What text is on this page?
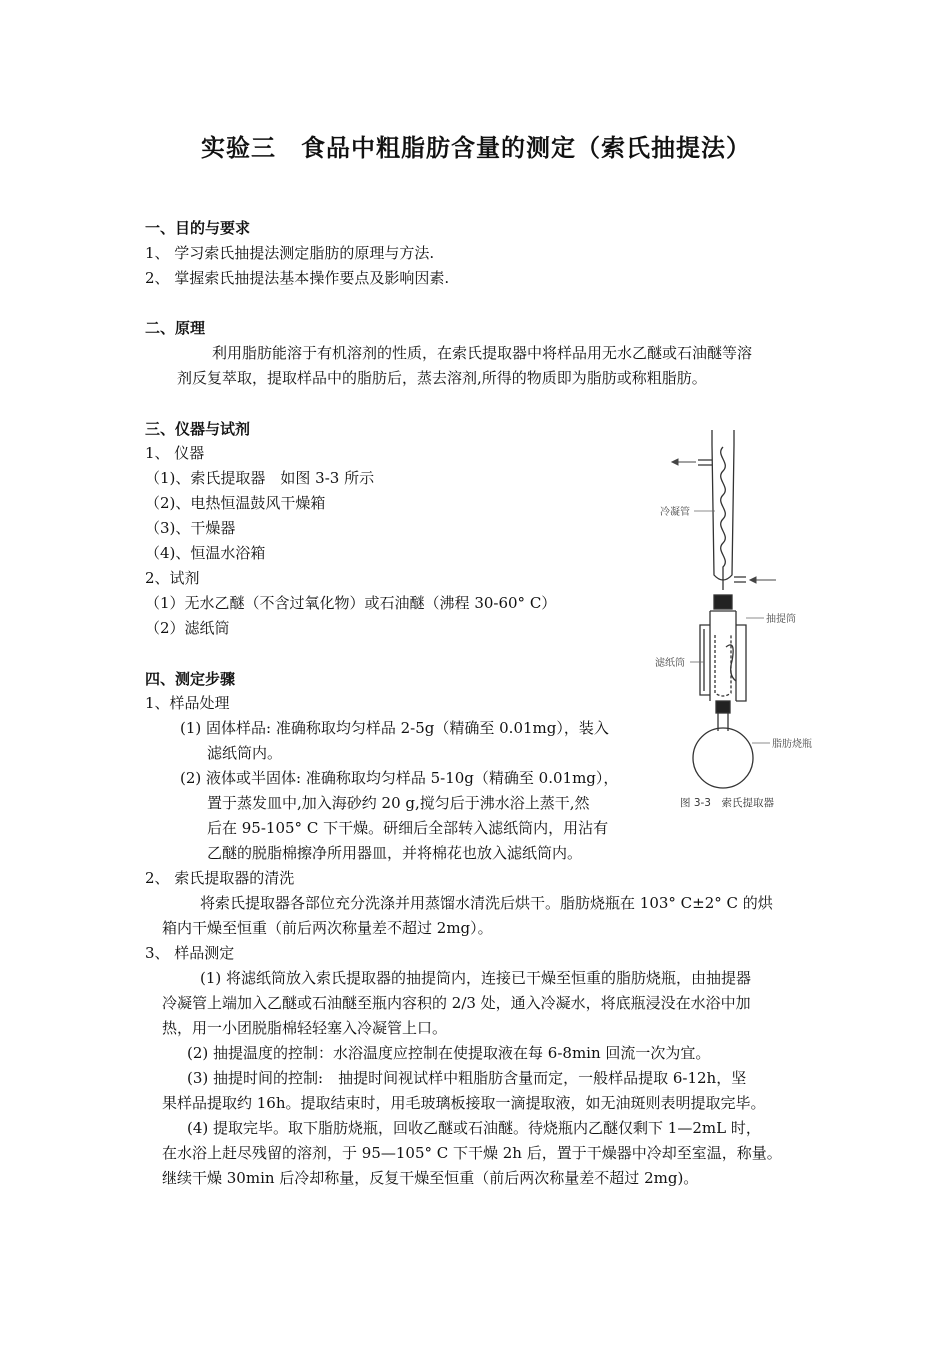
实验三　食品中粗脂肪含量的测定（索氏抽提法）
一、目的与要求
1、 学习索氏抽提法测定脂肪的原理与方法.
2、 掌握索氏抽提法基本操作要点及影响因素.
二、原理
利用脂肪能溶于有机溶剂的性质，在索氏提取器中将样品用无水乙醚或石油醚等溶
剂反复萃取，提取样品中的脂肪后，蒸去溶剂,所得的物质即为脂肪或称粗脂肪。
三、仪器与试剂
1、 仪器
（1)、索氏提取器　如图 3-3 所示
（2)、电热恒温鼓风干燥箱
（3)、干燥器
（4)、恒温水浴箱
2、试剂
（1）无水乙醚（不含过氧化物）或石油醚（沸程 30-60° C）
（2）滤纸筒
四、测定步骤
1、样品处理
(1) 固体样品: 准确称取均匀样品 2-5g（精确至 0.01mg），装入
滤纸筒内。
(2) 液体或半固体: 准确称取均匀样品 5-10g（精确至 0.01mg），
置于蒸发皿中,加入海砂约 20 g,搅匀后于沸水浴上蒸干,然
后在 95-105° C 下干燥。研细后全部转入滤纸筒内，用沾有
乙醚的脱脂棉擦净所用器皿，并将棉花也放入滤纸筒内。
2、 索氏提取器的清洗
将索氏提取器各部位充分洗涤并用蒸馏水清洗后烘干。脂肪烧瓶在 103° C±2° C 的烘
箱内干燥至恒重（前后两次称量差不超过 2mg）。
3、 样品测定
(1) 将滤纸筒放入索氏提取器的抽提筒内，连接已干燥至恒重的脂肪烧瓶，由抽提器
冷凝管上端加入乙醚或石油醚至瓶内容积的 2/3 处，通入冷凝水，将底瓶浸没在水浴中加
热，用一小团脱脂棉轻轻塞入冷凝管上口。
(2) 抽提温度的控制：水浴温度应控制在使提取液在每 6-8min 回流一次为宜。
(3) 抽提时间的控制:　抽提时间视试样中粗脂肪含量而定，一般样品提取 6-12h，坚
果样品提取约 16h。提取结束时，用毛玻璃板接取一滴提取液，如无油斑则表明提取完毕。
(4) 提取完毕。取下脂肪烧瓶，回收乙醚或石油醚。待烧瓶内乙醚仅剩下 1—2mL 时，
在水浴上赶尽残留的溶剂，于 95—105° C 下干燥 2h 后，置于干燥器中冷却至室温，称量。
继续干燥 30min 后冷却称量，反复干燥至恒重（前后两次称量差不超过 2mg)。
冷凝管
抽提筒
滤纸筒
脂肪烧瓶
图 3-3　索氏提取器
